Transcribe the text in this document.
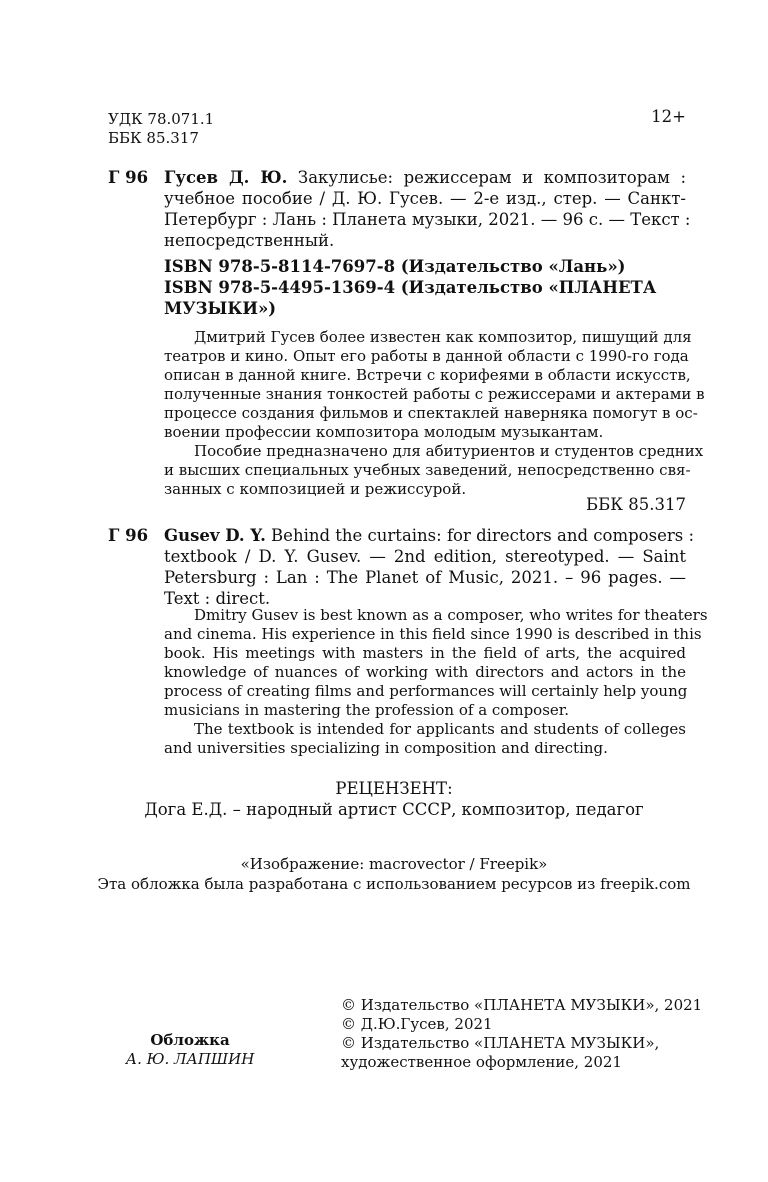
УДК 78.071.1
ББК 85.317
12+
Г 96 Гусев Д. Ю. Закулисье: режиссерам и композиторам :
учебное пособие / Д. Ю. Гусев. — 2-е изд., стер. — Санкт-
Петербург : Лань : Планета музыки, 2021. — 96 с. — Текст :
непосредственный.
ISBN 978-5-8114-7697-8 (Издательство «Лань»)
ISBN 978-5-4495-1369-4 (Издательство «ПЛАНЕТА
МУЗЫКИ»)
Дмитрий Гусев более известен как композитор, пишущий для
театров и кино. Опыт его работы в данной области с 1990-го года
описан в данной книге. Встречи с корифеями в области искусств,
полученные знания тонкостей работы с режиссерами и актерами в
процессе создания фильмов и спектаклей наверняка помогут в ос-
воении профессии композитора молодым музыкантам.
Пособие предназначено для абитуриентов и студентов средних
и высших специальных учебных заведений, непосредственно свя-
занных с композицией и режиссурой.
ББК 85.317
Г 96 Gusev D. Y. Behind the curtains: for directors and composers :
textbook / D. Y. Gusev. — 2nd edition, stereotyped. — Saint
Petersburg : Lan : The Planet of Music, 2021. – 96 pages. —
Text : direct.
Dmitry Gusev is best known as a composer, who writes for theaters
and cinema. His experience in this field since 1990 is described in this
book. His meetings with masters in the field of arts, the acquired
knowledge of nuances of working with directors and actors in the
process of creating films and performances will certainly help young
musicians in mastering the profession of a composer.
The textbook is intended for applicants and students of colleges
and universities specializing in composition and directing.
РЕЦЕНЗЕНТ:
Дога Е.Д. – народный артист СССР, композитор, педагог
«Изображение: macrovector / Freepik»
Эта обложка была разработана с использованием ресурсов из freepik.com
Обложка
А. Ю. ЛАПШИН
© Издательство «ПЛАНЕТА МУЗЫКИ», 2021
© Д.Ю.Гусев, 2021
© Издательство «ПЛАНЕТА МУЗЫКИ»,
художественное оформление, 2021
